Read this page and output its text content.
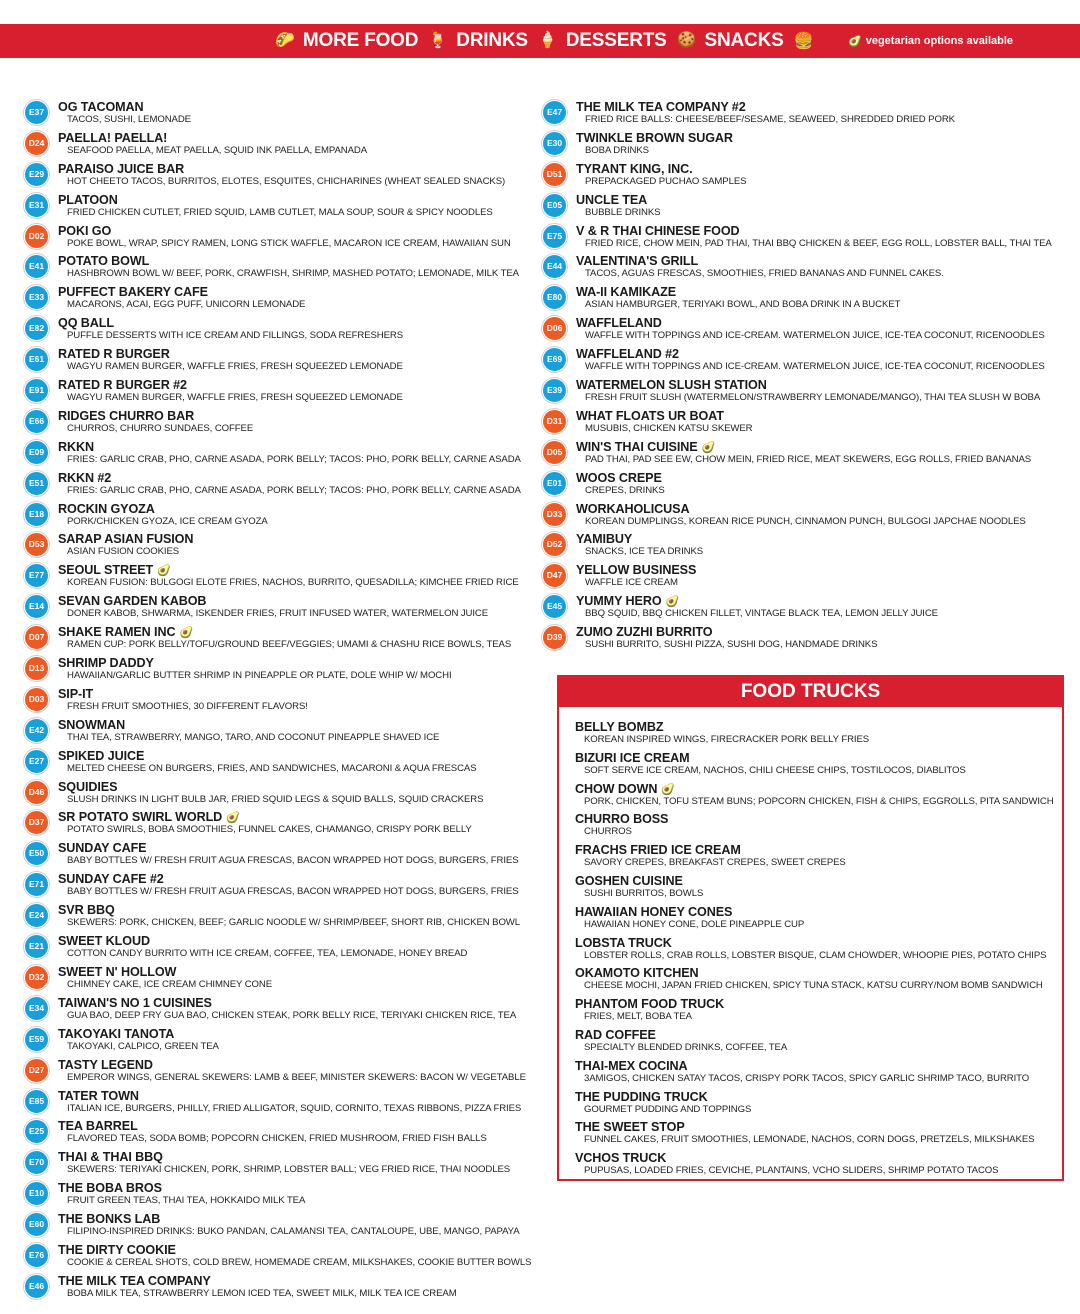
🌮 MORE FOOD 🍹 DRINKS 🍦 DESSERTS 🍪 SNACKS 🍔	🥑 vegetarian options available
E37	OG TACOMAN
TACOS, SUSHI, LEMONADE
D24	PAELLA! PAELLA!
SEAFOOD PAELLA, MEAT PAELLA, SQUID INK PAELLA, EMPANADA
E29	PARAISO JUICE BAR
HOT CHEETO TACOS, BURRITOS, ELOTES, ESQUITES, CHICHARINES (WHEAT SEALED SNACKS)
E31	PLATOON
FRIED CHICKEN CUTLET, FRIED SQUID, LAMB CUTLET, MALA SOUP, SOUR & SPICY NOODLES
D02	POKI GO
POKE BOWL, WRAP, SPICY RAMEN, LONG STICK WAFFLE, MACARON ICE CREAM, HAWAIIAN SUN
E41	POTATO BOWL
HASHBROWN BOWL W/ BEEF, PORK, CRAWFISH, SHRIMP, MASHED POTATO; LEMONADE, MILK TEA
E33	PUFFECT BAKERY CAFE
MACARONS, ACAI, EGG PUFF, UNICORN LEMONADE
E82	QQ BALL
PUFFLE DESSERTS WITH ICE CREAM AND FILLINGS, SODA REFRESHERS
E61	RATED R BURGER
WAGYU RAMEN BURGER, WAFFLE FRIES, FRESH SQUEEZED LEMONADE
E91	RATED R BURGER #2
WAGYU RAMEN BURGER, WAFFLE FRIES, FRESH SQUEEZED LEMONADE
E66	RIDGES CHURRO BAR
CHURROS, CHURRO SUNDAES, COFFEE
E09	RKKN
FRIES: GARLIC CRAB, PHO, CARNE ASADA, PORK BELLY; TACOS: PHO, PORK BELLY, CARNE ASADA
E51	RKKN #2
FRIES: GARLIC CRAB, PHO, CARNE ASADA, PORK BELLY; TACOS: PHO, PORK BELLY, CARNE ASADA
E18	ROCKIN GYOZA
PORK/CHICKEN GYOZA, ICE CREAM GYOZA
D53	SARAP ASIAN FUSION
ASIAN FUSION COOKIES
E77	SEOUL STREET 🥑
KOREAN FUSION: BULGOGI ELOTE FRIES, NACHOS, BURRITO, QUESADILLA; KIMCHEE FRIED RICE
E14	SEVAN GARDEN KABOB
DONER KABOB, SHWARMA, ISKENDER FRIES, FRUIT INFUSED WATER, WATERMELON JUICE
D07	SHAKE RAMEN INC 🥑
RAMEN CUP: PORK BELLY/TOFU/GROUND BEEF/VEGGIES; UMAMI & CHASHU RICE BOWLS, TEAS
D13	SHRIMP DADDY
HAWAIIAN/GARLIC BUTTER SHRIMP IN PINEAPPLE OR PLATE, DOLE WHIP W/ MOCHI
D03	SIP-IT
FRESH FRUIT SMOOTHIES, 30 DIFFERENT FLAVORS!
E42	SNOWMAN
THAI TEA, STRAWBERRY, MANGO, TARO, AND COCONUT PINEAPPLE SHAVED ICE
E27	SPIKED JUICE
MELTED CHEESE ON BURGERS, FRIES, AND SANDWICHES, MACARONI & AQUA FRESCAS
D46	SQUIDIES
SLUSH DRINKS IN LIGHT BULB JAR, FRIED SQUID LEGS & SQUID BALLS, SQUID CRACKERS
D37	SR POTATO SWIRL WORLD 🥑
POTATO SWIRLS, BOBA SMOOTHIES, FUNNEL CAKES, CHAMANGO, CRISPY PORK BELLY
E50	SUNDAY CAFE
BABY BOTTLES W/ FRESH FRUIT AGUA FRESCAS, BACON WRAPPED HOT DOGS, BURGERS, FRIES
E71	SUNDAY CAFE #2
BABY BOTTLES W/ FRESH FRUIT AGUA FRESCAS, BACON WRAPPED HOT DOGS, BURGERS, FRIES
E24	SVR BBQ
SKEWERS: PORK, CHICKEN, BEEF; GARLIC NOODLE W/ SHRIMP/BEEF, SHORT RIB, CHICKEN BOWL
E21	SWEET KLOUD
COTTON CANDY BURRITO WITH ICE CREAM, COFFEE, TEA, LEMONADE, HONEY BREAD
D32	SWEET N' HOLLOW
CHIMNEY CAKE, ICE CREAM CHIMNEY CONE
E34	TAIWAN'S NO 1 CUISINES
GUA BAO, DEEP FRY GUA BAO, CHICKEN STEAK, PORK BELLY RICE, TERIYAKI CHICKEN RICE, TEA
E59	TAKOYAKI TANOTA
TAKOYAKI, CALPICO, GREEN TEA
D27	TASTY LEGEND
EMPEROR WINGS, GENERAL SKEWERS: LAMB & BEEF, MINISTER SKEWERS: BACON W/ VEGETABLE
E85	TATER TOWN
ITALIAN ICE, BURGERS, PHILLY, FRIED ALLIGATOR, SQUID, CORNITO, TEXAS RIBBONS, PIZZA FRIES
E25	TEA BARREL
FLAVORED TEAS, SODA BOMB; POPCORN CHICKEN, FRIED MUSHROOM, FRIED FISH BALLS
E70	THAI & THAI BBQ
SKEWERS: TERIYAKI CHICKEN, PORK, SHRIMP, LOBSTER BALL; VEG FRIED RICE, THAI NOODLES
E10	THE BOBA BROS
FRUIT GREEN TEAS, THAI TEA, HOKKAIDO MILK TEA
E60	THE BONKS LAB
FILIPINO-INSPIRED DRINKS: BUKO PANDAN, CALAMANSI TEA, CANTALOUPE, UBE, MANGO, PAPAYA
E76	THE DIRTY COOKIE
COOKIE & CEREAL SHOTS, COLD BREW, HOMEMADE CREAM, MILKSHAKES, COOKIE BUTTER BOWLS
E46	THE MILK TEA COMPANY
BOBA MILK TEA, STRAWBERRY LEMON ICED TEA, SWEET MILK, MILK TEA ICE CREAM
E47	THE MILK TEA COMPANY #2
FRIED RICE BALLS: CHEESE/BEEF/SESAME, SEAWEED, SHREDDED DRIED PORK
E30	TWINKLE BROWN SUGAR
BOBA DRINKS
D51	TYRANT KING, INC.
PREPACKAGED PUCHAO SAMPLES
E05	UNCLE TEA
BUBBLE DRINKS
E75	V & R THAI CHINESE FOOD
FRIED RICE, CHOW MEIN, PAD THAI, THAI BBQ CHICKEN & BEEF, EGG ROLL, LOBSTER BALL, THAI TEA
E44	VALENTINA'S GRILL
TACOS, AGUAS FRESCAS, SMOOTHIES, FRIED BANANAS AND FUNNEL CAKES.
E80	WA-II KAMIKAZE
ASIAN HAMBURGER, TERIYAKI BOWL, AND BOBA DRINK IN A BUCKET
D06	WAFFLELAND
WAFFLE WITH TOPPINGS AND ICE-CREAM. WATERMELON JUICE, ICE-TEA COCONUT, RICENOODLES
E69	WAFFLELAND #2
WAFFLE WITH TOPPINGS AND ICE-CREAM. WATERMELON JUICE, ICE-TEA COCONUT, RICENOODLES
E39	WATERMELON SLUSH STATION
FRESH FRUIT SLUSH (WATERMELON/STRAWBERRY LEMONADE/MANGO), THAI TEA SLUSH W BOBA
D31	WHAT FLOATS UR BOAT
MUSUBIS, CHICKEN KATSU SKEWER
D05	WIN'S THAI CUISINE 🥑
PAD THAI, PAD SEE EW, CHOW MEIN, FRIED RICE, MEAT SKEWERS, EGG ROLLS, FRIED BANANAS
E01	WOOS CREPE
CREPES, DRINKS
D33	WORKAHOLICUSA
KOREAN DUMPLINGS, KOREAN RICE PUNCH, CINNAMON PUNCH, BULGOGI JAPCHAE NOODLES
D52	YAMIBUY
SNACKS, ICE TEA DRINKS
D47	YELLOW BUSINESS
WAFFLE ICE CREAM
E45	YUMMY HERO 🥑
BBQ SQUID, BBQ CHICKEN FILLET, VINTAGE BLACK TEA, LEMON JELLY JUICE
D39	ZUMO ZUZHI BURRITO
SUSHI BURRITO, SUSHI PIZZA, SUSHI DOG, HANDMADE DRINKS
FOOD TRUCKS
BELLY BOMBZ
KOREAN INSPIRED WINGS, FIRECRACKER PORK BELLY FRIES
BIZURI ICE CREAM
SOFT SERVE ICE CREAM, NACHOS, CHILI CHEESE CHIPS, TOSTILOCOS, DIABLITOS
CHOW DOWN 🥑
PORK, CHICKEN, TOFU STEAM BUNS; POPCORN CHICKEN, FISH & CHIPS, EGGROLLS, PITA SANDWICH
CHURRO BOSS
CHURROS
FRACHS FRIED ICE CREAM
SAVORY CREPES, BREAKFAST CREPES, SWEET CREPES
GOSHEN CUISINE
SUSHI BURRITOS, BOWLS
HAWAIIAN HONEY CONES
HAWAIIAN HONEY CONE, DOLE PINEAPPLE CUP
LOBSTA TRUCK
LOBSTER ROLLS, CRAB ROLLS, LOBSTER BISQUE, CLAM CHOWDER, WHOOPIE PIES, POTATO CHIPS
OKAMOTO KITCHEN
CHEESE MOCHI, JAPAN FRIED CHICKEN, SPICY TUNA STACK, KATSU CURRY/NOM BOMB SANDWICH
PHANTOM FOOD TRUCK
FRIES, MELT, BOBA TEA
RAD COFFEE
SPECIALTY BLENDED DRINKS, COFFEE, TEA
THAI-MEX COCINA
3AMIGOS, CHICKEN SATAY TACOS, CRISPY PORK TACOS, SPICY GARLIC SHRIMP TACO, BURRITO
THE PUDDING TRUCK
GOURMET PUDDING AND TOPPINGS
THE SWEET STOP
FUNNEL CAKES, FRUIT SMOOTHIES, LEMONADE, NACHOS, CORN DOGS, PRETZELS, MILKSHAKES
VCHOS TRUCK
PUPUSAS, LOADED FRIES, CEVICHE, PLANTAINS, VCHO SLIDERS, SHRIMP POTATO TACOS
